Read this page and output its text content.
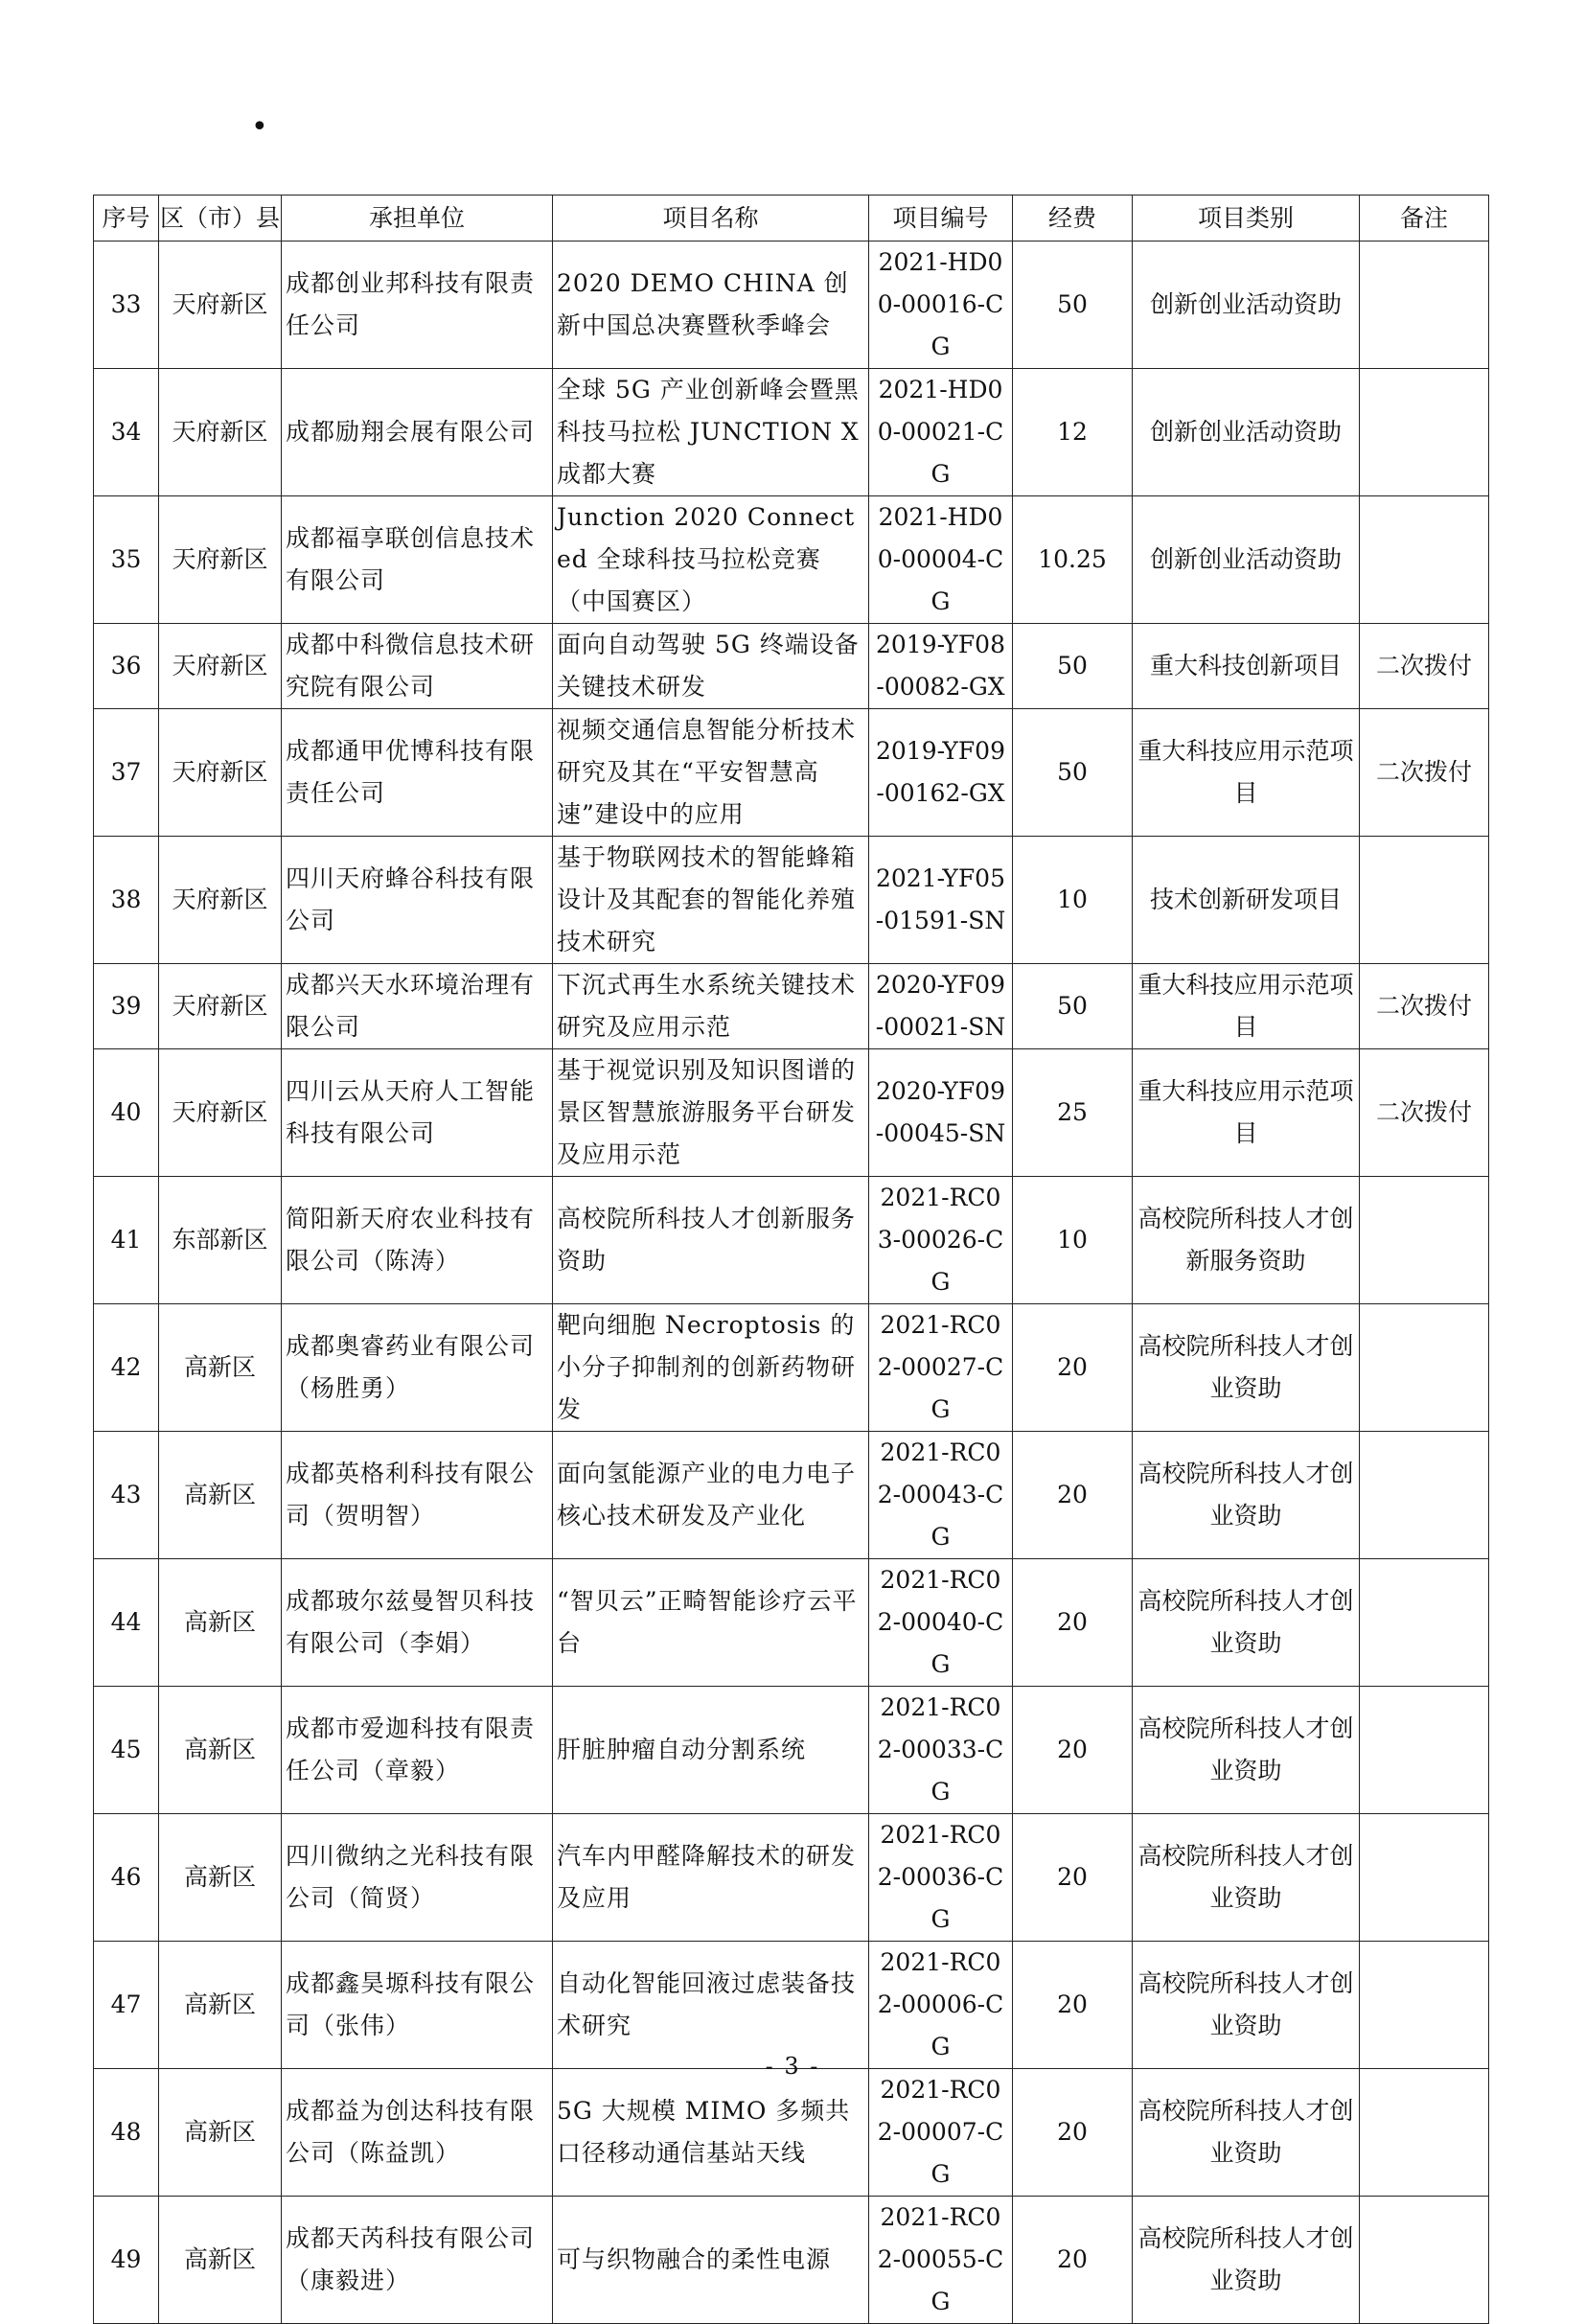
•
序号	区（市）县	承担单位	项目名称	项目编号	经费	项目类别	备注
33	天府新区	成都创业邦科技有限责任公司	2020 DEMO CHINA 创新中国总决赛暨秋季峰会	2021-HD00-00016-CG	50	创新创业活动资助	
34	天府新区	成都励翔会展有限公司	全球 5G 产业创新峰会暨黑科技马拉松 JUNCTION X 成都大赛	2021-HD00-00021-CG	12	创新创业活动资助	
35	天府新区	成都福享联创信息技术有限公司	Junction 2020 Connected 全球科技马拉松竞赛（中国赛区）	2021-HD00-00004-CG	10.25	创新创业活动资助	
36	天府新区	成都中科微信息技术研究院有限公司	面向自动驾驶 5G 终端设备关键技术研发	2019-YF08-00082-GX	50	重大科技创新项目	二次拨付
37	天府新区	成都通甲优博科技有限责任公司	视频交通信息智能分析技术研究及其在“平安智慧高速”建设中的应用	2019-YF09-00162-GX	50	重大科技应用示范项目	二次拨付
38	天府新区	四川天府蜂谷科技有限公司	基于物联网技术的智能蜂箱设计及其配套的智能化养殖技术研究	2021-YF05-01591-SN	10	技术创新研发项目	
39	天府新区	成都兴天水环境治理有限公司	下沉式再生水系统关键技术研究及应用示范	2020-YF09-00021-SN	50	重大科技应用示范项目	二次拨付
40	天府新区	四川云从天府人工智能科技有限公司	基于视觉识别及知识图谱的景区智慧旅游服务平台研发及应用示范	2020-YF09-00045-SN	25	重大科技应用示范项目	二次拨付
41	东部新区	简阳新天府农业科技有限公司（陈涛）	高校院所科技人才创新服务资助	2021-RC03-00026-CG	10	高校院所科技人才创新服务资助	
42	高新区	成都奥睿药业有限公司（杨胜勇）	靶向细胞 Necroptosis 的小分子抑制剂的创新药物研发	2021-RC02-00027-CG	20	高校院所科技人才创业资助	
43	高新区	成都英格利科技有限公司（贺明智）	面向氢能源产业的电力电子核心技术研发及产业化	2021-RC02-00043-CG	20	高校院所科技人才创业资助	
44	高新区	成都玻尔兹曼智贝科技有限公司（李娟）	“智贝云”正畸智能诊疗云平台	2021-RC02-00040-CG	20	高校院所科技人才创业资助	
45	高新区	成都市爱迦科技有限责任公司（章毅）	肝脏肿瘤自动分割系统	2021-RC02-00033-CG	20	高校院所科技人才创业资助	
46	高新区	四川微纳之光科技有限公司（简贤）	汽车内甲醛降解技术的研发及应用	2021-RC02-00036-CG	20	高校院所科技人才创业资助	
47	高新区	成都鑫昊塬科技有限公司（张伟）	自动化智能回液过虑装备技术研究	2021-RC02-00006-CG	20	高校院所科技人才创业资助	
48	高新区	成都益为创达科技有限公司（陈益凯）	5G 大规模 MIMO 多频共口径移动通信基站天线	2021-RC02-00007-CG	20	高校院所科技人才创业资助	
49	高新区	成都天芮科技有限公司（康毅进）	可与织物融合的柔性电源	2021-RC02-00055-CG	20	高校院所科技人才创业资助	
- 3 -
